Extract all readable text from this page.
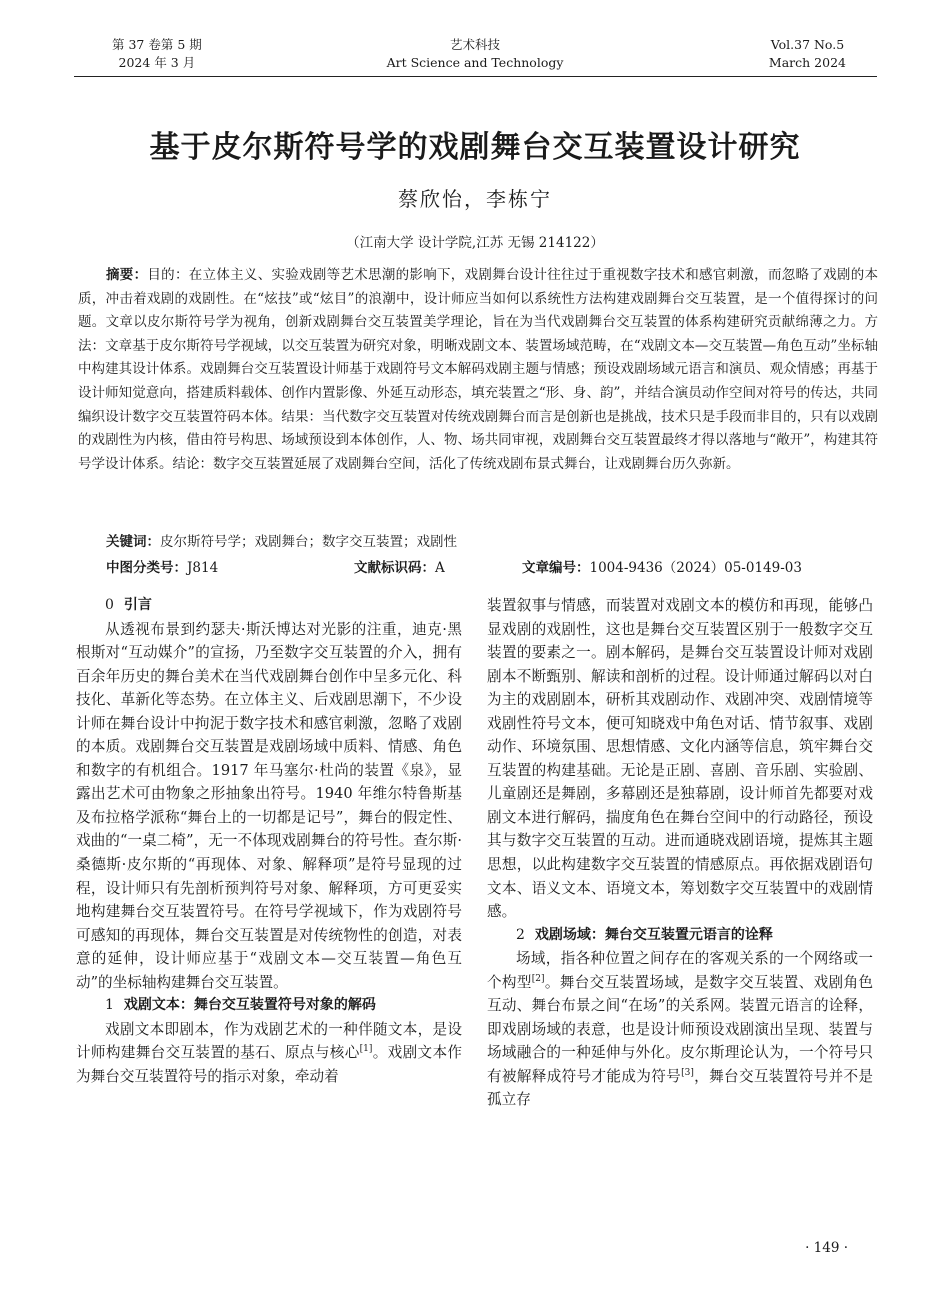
第 37 卷第 5 期
2024 年 3 月
艺术科技
Art Science and Technology
Vol.37 No.5
March 2024
基于皮尔斯符号学的戏剧舞台交互装置设计研究
蔡欣怡，李栋宁
（江南大学 设计学院,江苏 无锡 214122）

摘要：目的：在立体主义、实验戏剧等艺术思潮的影响下，戏剧舞台设计往往过于重视数字技术和感官刺激，而忽略了戏剧的本质，冲击着戏剧的戏剧性。在“炫技”或“炫目”的浪潮中，设计师应当如何以系统性方法构建戏剧舞台交互装置，是一个值得探讨的问题。文章以皮尔斯符号学为视角，创新戏剧舞台交互装置美学理论，旨在为当代戏剧舞台交互装置的体系构建研究贡献绵薄之力。方法：文章基于皮尔斯符号学视域，以交互装置为研究对象，明晰戏剧文本、装置场域范畴，在“戏剧文本—交互装置—角色互动”坐标轴中构建其设计体系。戏剧舞台交互装置设计师基于戏剧符号文本解码戏剧主题与情感；预设戏剧场域元语言和演员、观众情感；再基于设计师知觉意向，搭建质料载体、创作内置影像、外延互动形态，填充装置之“形、身、韵”，并结合演员动作空间对符号的传达，共同编织设计数字交互装置符码本体。结果：当代数字交互装置对传统戏剧舞台而言是创新也是挑战，技术只是手段而非目的，只有以戏剧的戏剧性为内核，借由符号构思、场域预设到本体创作，人、物、场共同审视，戏剧舞台交互装置最终才得以落地与“敞开”，构建其符号学设计体系。结论：数字交互装置延展了戏剧舞台空间，活化了传统戏剧布景式舞台，让戏剧舞台历久弥新。

关键词：皮尔斯符号学；戏剧舞台；数字交互装置；戏剧性
中图分类号：J814	文献标识码：A	文章编号：1004-9436（2024）05-0149-03
0 引言

从透视布景到约瑟夫·斯沃博达对光影的注重，迪克·黑根斯对“互动媒介”的宣扬，乃至数字交互装置的介入，拥有百余年历史的舞台美术在当代戏剧舞台创作中呈多元化、科技化、革新化等态势。在立体主义、后戏剧思潮下，不少设计师在舞台设计中拘泥于数字技术和感官刺激，忽略了戏剧的本质。戏剧舞台交互装置是戏剧场域中质料、情感、角色和数字的有机组合。1917 年马塞尔·杜尚的装置《泉》，显露出艺术可由物象之形抽象出符号。1940 年维尔特鲁斯基及布拉格学派称“舞台上的一切都是记号”，舞台的假定性、戏曲的“一桌二椅”，无一不体现戏剧舞台的符号性。查尔斯·桑德斯·皮尔斯的“再现体、对象、解释项”是符号显现的过程，设计师只有先剖析预判符号对象、解释项，方可更妥实地构建舞台交互装置符号。在符号学视域下，作为戏剧符号可感知的再现体，舞台交互装置是对传统物性的创造，对表意的延伸，设计师应基于“戏剧文本—交互装置—角色互动”的坐标轴构建舞台交互装置。

1 戏剧文本：舞台交互装置符号对象的解码

戏剧文本即剧本，作为戏剧艺术的一种伴随文本，是设计师构建舞台交互装置的基石、原点与核心[1]。戏剧文本作为舞台交互装置符号的指示对象，牵动着

装置叙事与情感，而装置对戏剧文本的模仿和再现，能够凸显戏剧的戏剧性，这也是舞台交互装置区别于一般数字交互装置的要素之一。剧本解码，是舞台交互装置设计师对戏剧剧本不断甄别、解读和剖析的过程。设计师通过解码以对白为主的戏剧剧本，研析其戏剧动作、戏剧冲突、戏剧情境等戏剧性符号文本，便可知晓戏中角色对话、情节叙事、戏剧动作、环境氛围、思想情感、文化内涵等信息，筑牢舞台交互装置的构建基础。无论是正剧、喜剧、音乐剧、实验剧、儿童剧还是舞剧，多幕剧还是独幕剧，设计师首先都要对戏剧文本进行解码，揣度角色在舞台空间中的行动路径，预设其与数字交互装置的互动。进而通晓戏剧语境，提炼其主题思想，以此构建数字交互装置的情感原点。再依据戏剧语句文本、语义文本、语境文本，筹划数字交互装置中的戏剧情感。

2 戏剧场域：舞台交互装置元语言的诠释

场域，指各种位置之间存在的客观关系的一个网络或一个构型[2]。舞台交互装置场域，是数字交互装置、戏剧角色互动、舞台布景之间“在场”的关系网。装置元语言的诠释，即戏剧场域的表意，也是设计师预设戏剧演出呈现、装置与场域融合的一种延伸与外化。皮尔斯理论认为，一个符号只有被解释成符号才能成为符号[3]，舞台交互装置符号并不是孤立存

· 149 ·
